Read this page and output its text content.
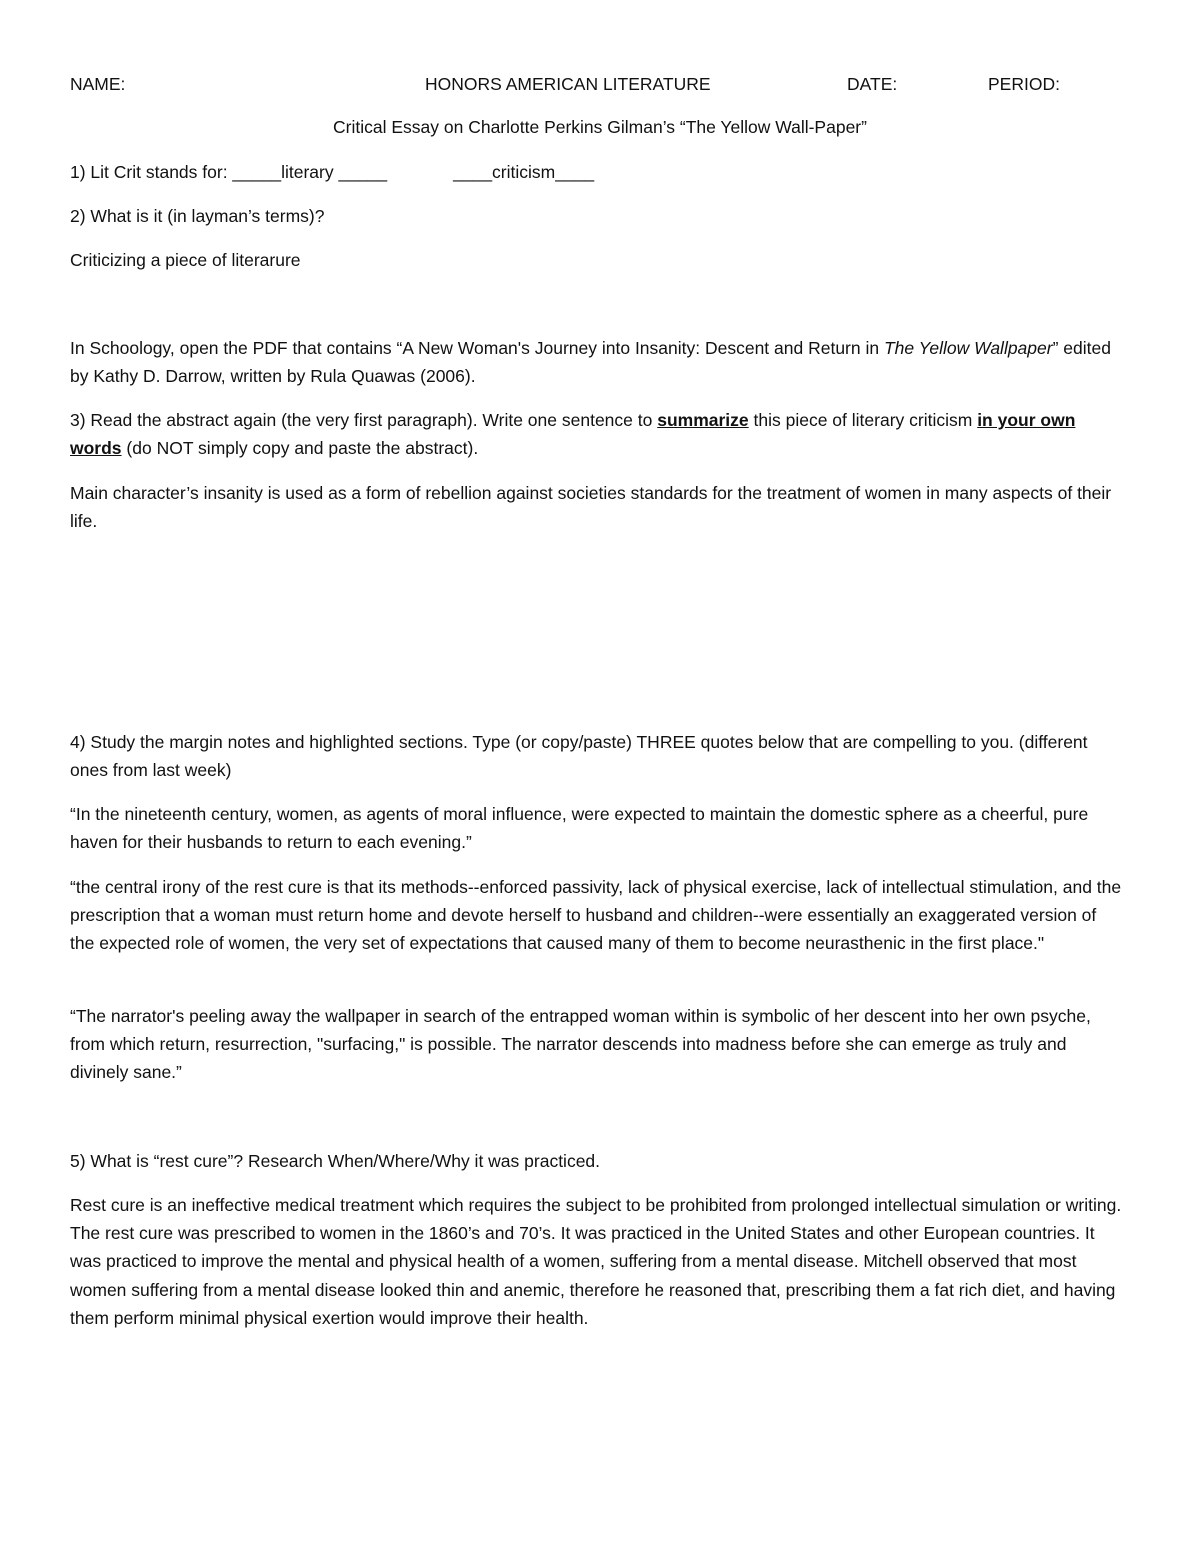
NAME:	HONORS AMERICAN LITERATURE	DATE:	PERIOD:
Critical Essay on Charlotte Perkins Gilman’s “The Yellow Wall-Paper”
1) Lit Crit stands for: _____literary _____	____criticism____
2) What is it (in layman’s terms)?
Criticizing a piece of literarure
In Schoology, open the PDF that contains “A New Woman's Journey into Insanity: Descent and Return in The Yellow Wallpaper” edited by Kathy D. Darrow, written by Rula Quawas (2006).
3) Read the abstract again (the very first paragraph). Write one sentence to summarize this piece of literary criticism in your own words (do NOT simply copy and paste the abstract).
Main character’s insanity is used as a form of rebellion against societies standards for the treatment of women in many aspects of their life.
4) Study the margin notes and highlighted sections. Type (or copy/paste) THREE quotes below that are compelling to you. (different ones from last week)
“In the nineteenth century, women, as agents of moral influence, were expected to maintain the domestic sphere as a cheerful, pure haven for their husbands to return to each evening.”
“the central irony of the rest cure is that its methods--enforced passivity, lack of physical exercise, lack of intellectual stimulation, and the prescription that a woman must return home and devote herself to husband and children--were essentially an exaggerated version of the expected role of women, the very set of expectations that caused many of them to become neurasthenic in the first place."
“The narrator's peeling away the wallpaper in search of the entrapped woman within is symbolic of her descent into her own psyche, from which return, resurrection, "surfacing," is possible. The narrator descends into madness before she can emerge as truly and divinely sane.”
5) What is “rest cure”? Research When/Where/Why it was practiced.
Rest cure is an ineffective medical treatment which requires the subject to be prohibited from prolonged intellectual simulation or writing. The rest cure was prescribed to women in the 1860’s and 70’s. It was practiced in the United States and other European countries. It was practiced to improve the mental and physical health of a women, suffering from a mental disease. Mitchell observed that most women suffering from a mental disease looked thin and anemic, therefore he reasoned that, prescribing them a fat rich diet, and having them perform minimal physical exertion would improve their health.
